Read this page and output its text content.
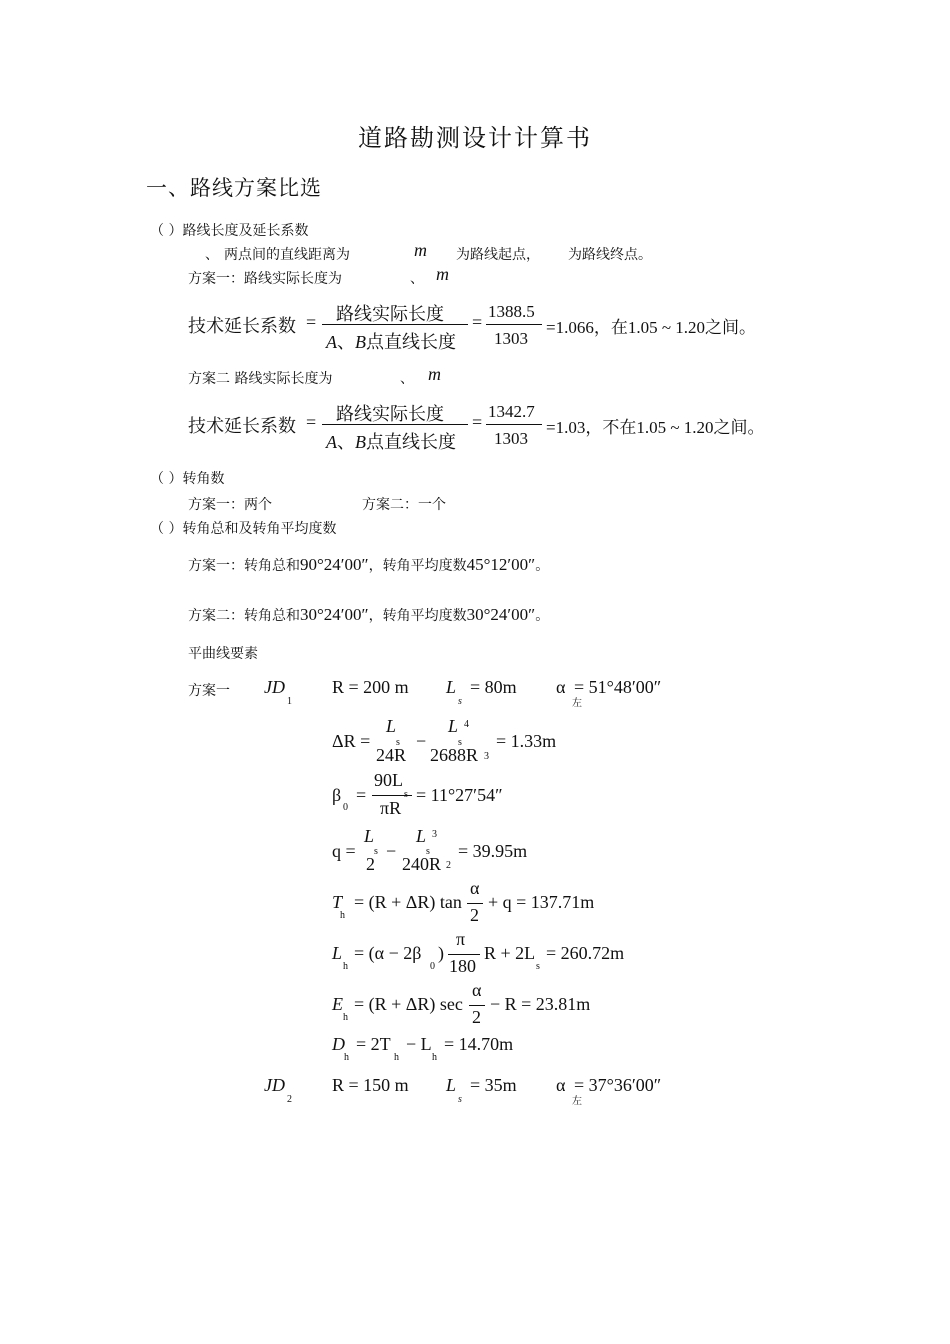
道路勘测设计计算书
一、路线方案比选
（ ）路线长度及延长系数
、 两点间的直线距离为	m 为路线起点， 为路线终点。
方案一：路线实际长度为	、 m
技术延长系数 = 路线实际长度
A、B点直线长度
=
1388.5
1303
=1.066，在1.05 ~ 1.20之间。
方案二 路线实际长度为	、 m
技术延长系数 = 路线实际长度
A、B点直线长度
=
1342.7
1303
=1.03，不在1.05 ~ 1.20之间。
（ ）转角数
方案一：两个	方案二：一个
（ ）转角总和及转角平均度数
方案一：转角总和90°24′00″，转角平均度数45°12′00″。
方案二：转角总和30°24′00″，转角平均度数30°24′00″。
平曲线要素
方案一 JD
1
R = 200 m L
s
= 80m α
左
= 51°48′00″
ΔR =
L
s
24R
−
L 4
s
2688R 3
= 1.33m
β
0
=
90L
πR
= 11°27′54″
q =
L
s
2
−
L 3
s
240R 2
= 39.95m
T
h
= (R + ΔR) tan
α
2
+ q = 137.71m
L
h
= (α − 2β
0
)
π
180
R + 2L
s
= 260.72m
E
h
= (R + ΔR) sec
α
2
− R = 23.81m
D
h
= 2T
h
− L
h
= 14.70m
JD
2
R = 150 m L
s
= 35m α
左
= 37°36′00″
